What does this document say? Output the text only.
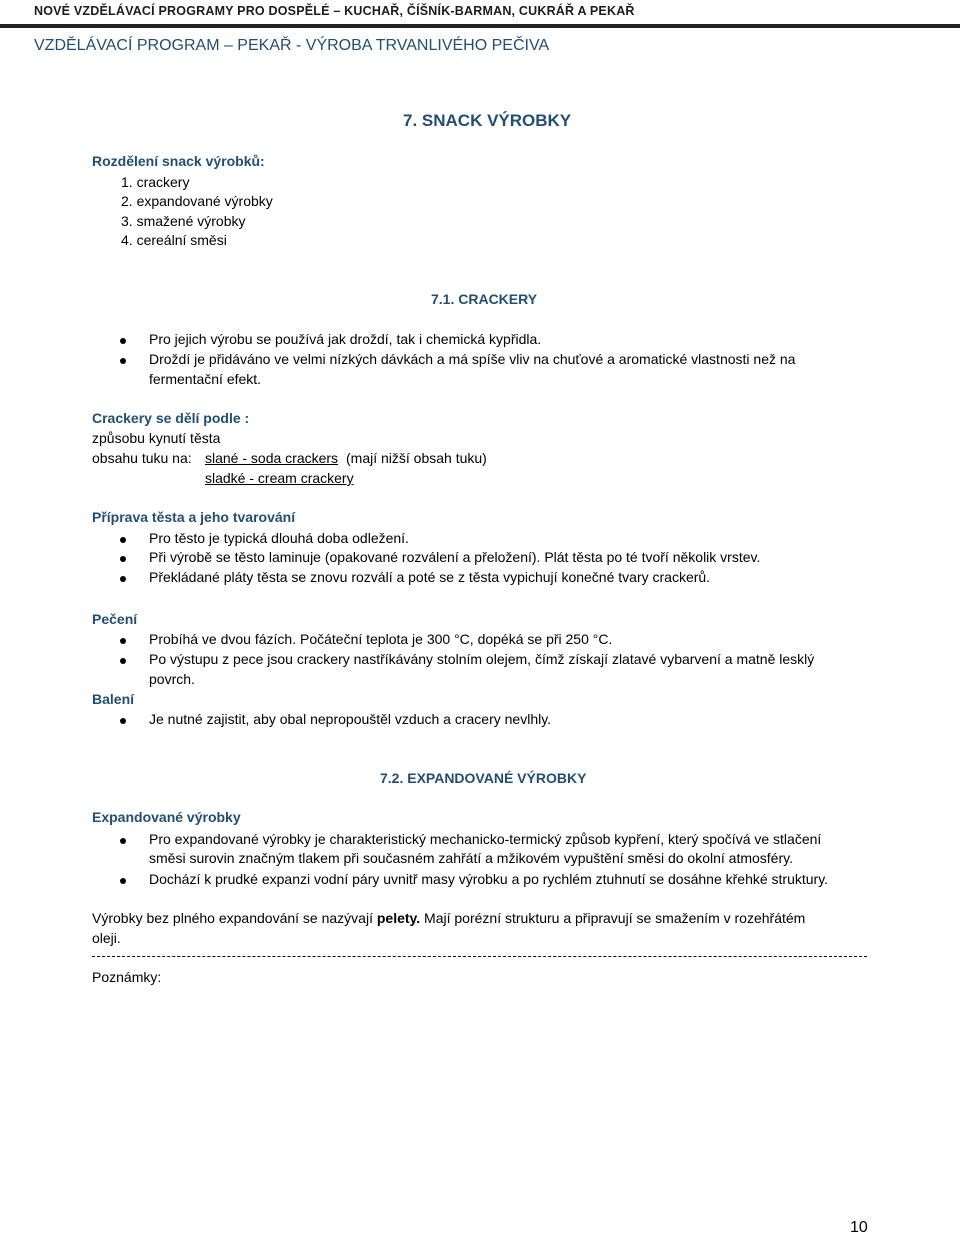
NOVÉ VZDĚLÁVACÍ PROGRAMY PRO DOSPĚLÉ – KUCHAŘ, ČÍŠNÍK-BARMAN, CUKRÁŘ A PEKAŘ
VZDĚLÁVACÍ PROGRAM – PEKAŘ - VÝROBA TRVANLIVÉHO PEČIVA
7. SNACK VÝROBKY
Rozdělení snack výrobků:
1. crackery
2. expandované výrobky
3. smažené výrobky
4. cereální směsi
7.1. CRACKERY
Pro jejich výrobu se používá jak droždí, tak i chemická kypřidla.
Droždí je přidáváno ve velmi nízkých dávkách a má spíše vliv na chuťové a aromatické vlastnosti než na
fermentační efekt.
Crackery se dělí podle :
způsobu kynutí těsta
obsahu tuku na: slané - soda crackers (mají nižší obsah tuku)
sladké - cream crackery
Příprava těsta a jeho tvarování
Pro těsto je typická dlouhá doba odležení.
Při výrobě se těsto laminuje (opakované rozválení a přeložení). Plát těsta po té tvoří několik vrstev.
Překládané pláty těsta se znovu rozválí a poté se z těsta vypichují konečné tvary crackerů.
Pečení
Probíhá ve dvou fázích. Počáteční teplota je 300 °C, dopéká se při 250 °C.
Po výstupu z pece jsou crackery nastříkávány stolním olejem, čímž získají zlatavé vybarvení a matně lesklý
povrch.
Balení
Je nutné zajistit, aby obal nepropouštěl vzduch a cracery nevlhly.
7.2. EXPANDOVANÉ VÝROBKY
Expandované výrobky
Pro expandované výrobky je charakteristický mechanicko-termický způsob kypření, který spočívá ve stlačení
směsi surovin značným tlakem při současném zahřátí a mžikovém vypuštění směsi do okolní atmosféry.
Dochází k prudké expanzi vodní páry uvnitř masy výrobku a po rychlém ztuhnutí se dosáhne křehké struktury.
Výrobky bez plného expandování se nazývají pelety. Mají porézní strukturu a připravují se smažením v rozehřátém
oleji.
Poznámky:
10
